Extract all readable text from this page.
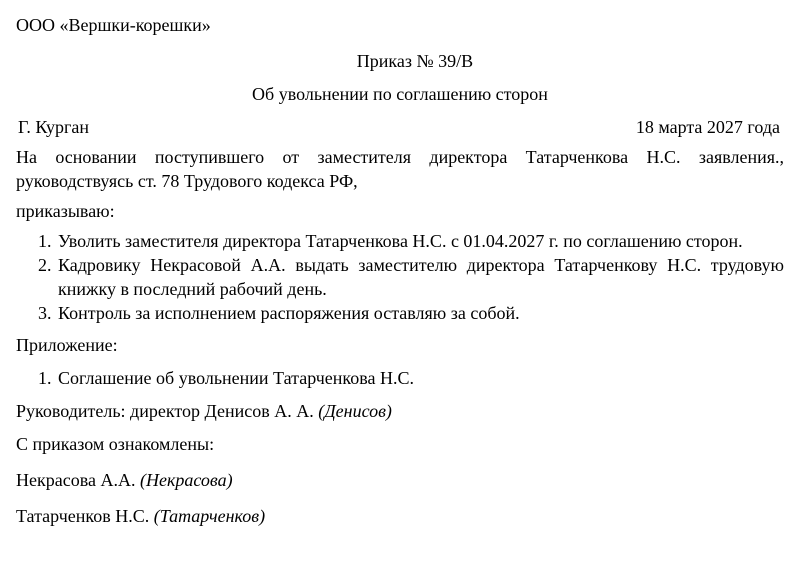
ООО «Вершки-корешки»
Приказ № 39/В
Об увольнении по соглашению сторон
Г. Курган	18 марта 2027 года
На основании поступившего от заместителя директора Татарченкова Н.С. заявления., руководствуясь ст. 78 Трудового кодекса РФ,
приказываю:
1. Уволить заместителя директора Татарченкова Н.С. с 01.04.2027 г. по соглашению сторон.
2. Кадровику Некрасовой А.А. выдать заместителю директора Татарченкову Н.С. трудовую книжку в последний рабочий день.
3. Контроль за исполнением распоряжения оставляю за собой.
Приложение:
1. Соглашение об увольнении Татарченкова Н.С.
Руководитель: директор Денисов А. А. (Денисов)
С приказом ознакомлены:
Некрасова А.А. (Некрасова)
Татарченков Н.С. (Татарченков)
